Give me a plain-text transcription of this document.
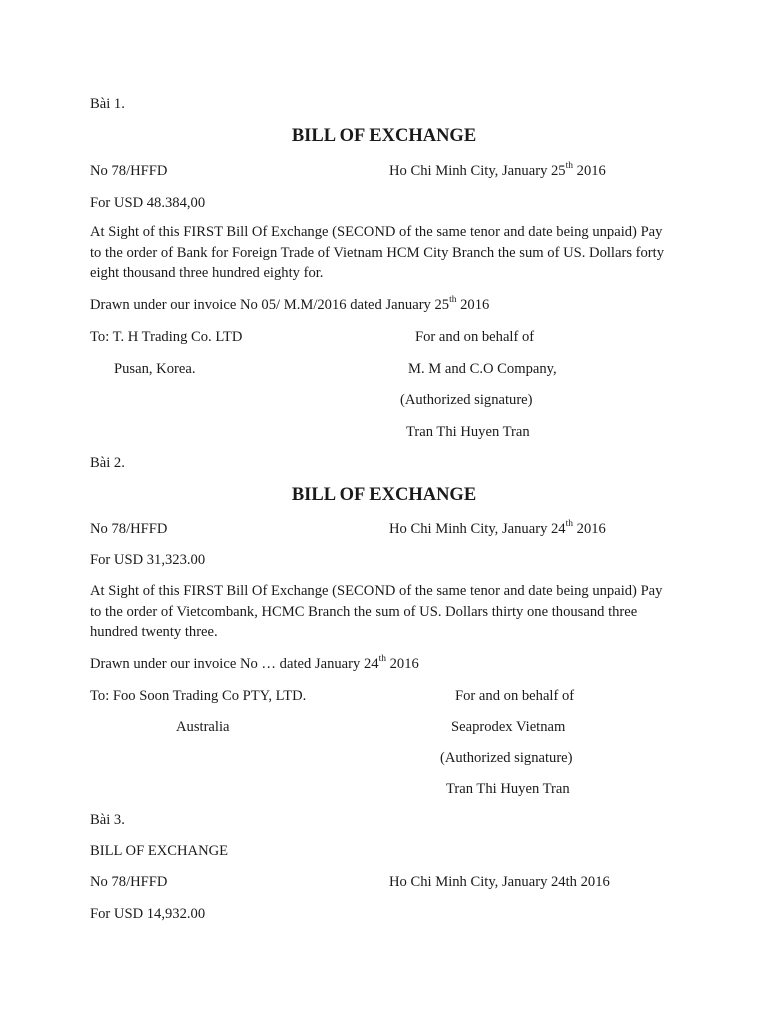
Bài 1.
BILL OF EXCHANGE
No 78/HFFD	Ho Chi Minh City, January 25th 2016
For USD 48.384,00
At Sight of this FIRST Bill Of Exchange (SECOND of the same tenor and date being unpaid) Pay to the order of Bank for Foreign Trade of Vietnam HCM City Branch the sum of US. Dollars forty eight thousand three hundred eighty for.
Drawn under our invoice No 05/ M.M/2016 dated January 25th 2016
To: T. H Trading Co. LTD	For and on behalf of
Pusan, Korea.	M. M and C.O Company,
(Authorized signature)
Tran Thi Huyen Tran
Bài 2.
BILL OF EXCHANGE
No 78/HFFD	Ho Chi Minh City, January 24th 2016
For USD 31,323.00
At Sight of this FIRST Bill Of Exchange (SECOND of the same tenor and date being unpaid) Pay to the order of Vietcombank, HCMC Branch the sum of US. Dollars thirty one thousand three hundred twenty three.
Drawn under our invoice No … dated January 24th 2016
To: Foo Soon Trading Co PTY, LTD.	For and on behalf of
Australia	Seaprodex Vietnam
(Authorized signature)
Tran Thi Huyen Tran
Bài 3.
BILL OF EXCHANGE
No 78/HFFD	Ho Chi Minh City, January 24th 2016
For USD 14,932.00
